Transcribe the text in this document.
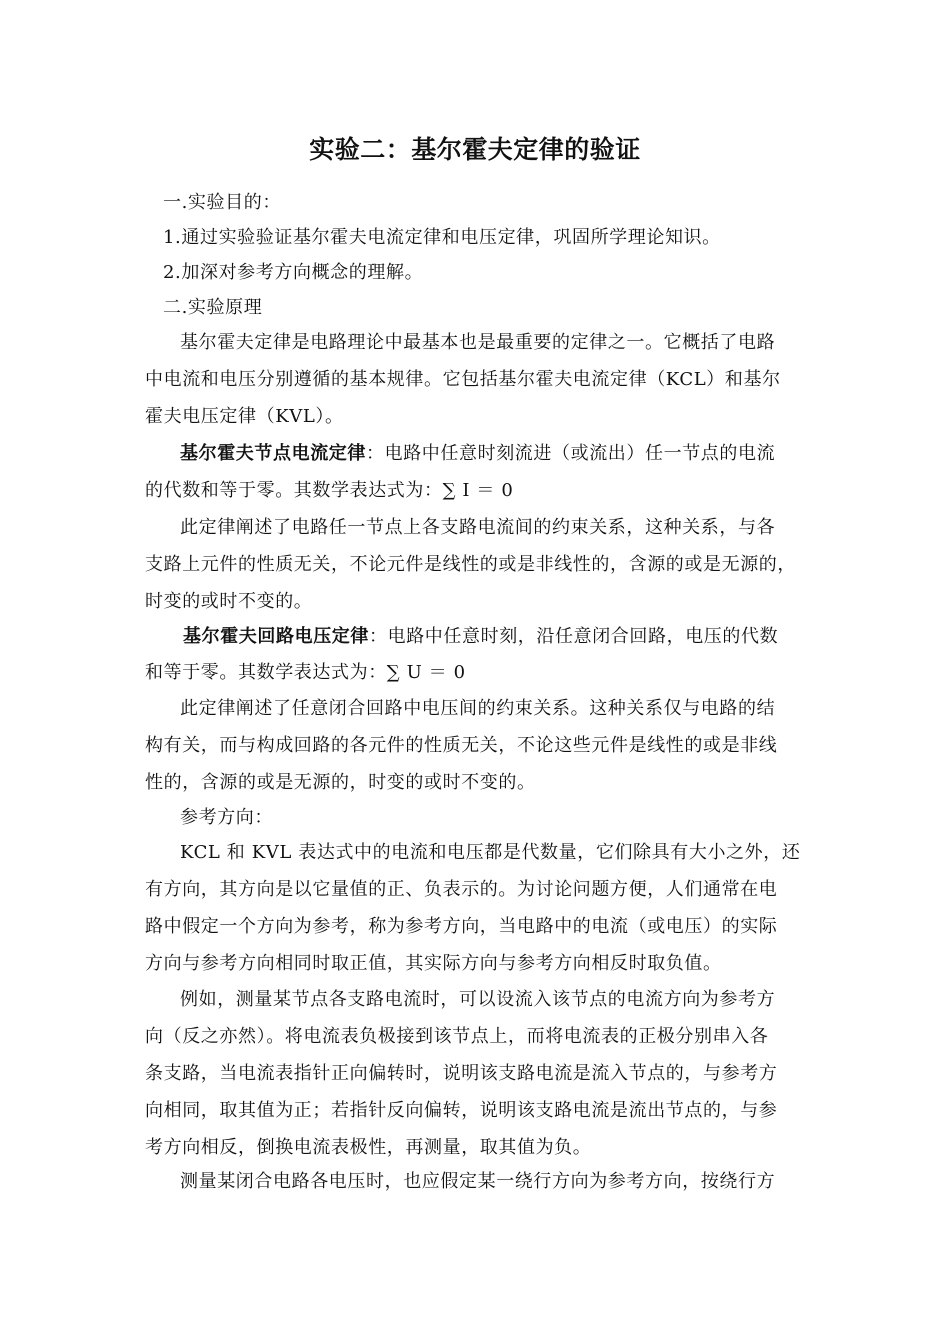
实验二：基尔霍夫定律的验证
一.实验目的：
1.通过实验验证基尔霍夫电流定律和电压定律，巩固所学理论知识。
2.加深对参考方向概念的理解。
二.实验原理
基尔霍夫定律是电路理论中最基本也是最重要的定律之一。它概括了电路
中电流和电压分别遵循的基本规律。它包括基尔霍夫电流定律（KCL）和基尔
霍夫电压定律（KVL）。
基尔霍夫节点电流定律：电路中任意时刻流进（或流出）任一节点的电流
的代数和等于零。其数学表达式为：∑ I ＝ 0
此定律阐述了电路任一节点上各支路电流间的约束关系，这种关系，与各
支路上元件的性质无关，不论元件是线性的或是非线性的，含源的或是无源的，
时变的或时不变的。
基尔霍夫回路电压定律：电路中任意时刻，沿任意闭合回路，电压的代数
和等于零。其数学表达式为：∑ U ＝ 0
此定律阐述了任意闭合回路中电压间的约束关系。这种关系仅与电路的结
构有关，而与构成回路的各元件的性质无关，不论这些元件是线性的或是非线
性的，含源的或是无源的，时变的或时不变的。
参考方向：
KCL 和 KVL 表达式中的电流和电压都是代数量，它们除具有大小之外，还
有方向，其方向是以它量值的正、负表示的。为讨论问题方便，人们通常在电
路中假定一个方向为参考，称为参考方向，当电路中的电流（或电压）的实际
方向与参考方向相同时取正值，其实际方向与参考方向相反时取负值。
例如，测量某节点各支路电流时，可以设流入该节点的电流方向为参考方
向（反之亦然）。将电流表负极接到该节点上，而将电流表的正极分别串入各
条支路，当电流表指针正向偏转时，说明该支路电流是流入节点的，与参考方
向相同，取其值为正；若指针反向偏转，说明该支路电流是流出节点的，与参
考方向相反，倒换电流表极性，再测量，取其值为负。
测量某闭合电路各电压时，也应假定某一绕行方向为参考方向，按绕行方
